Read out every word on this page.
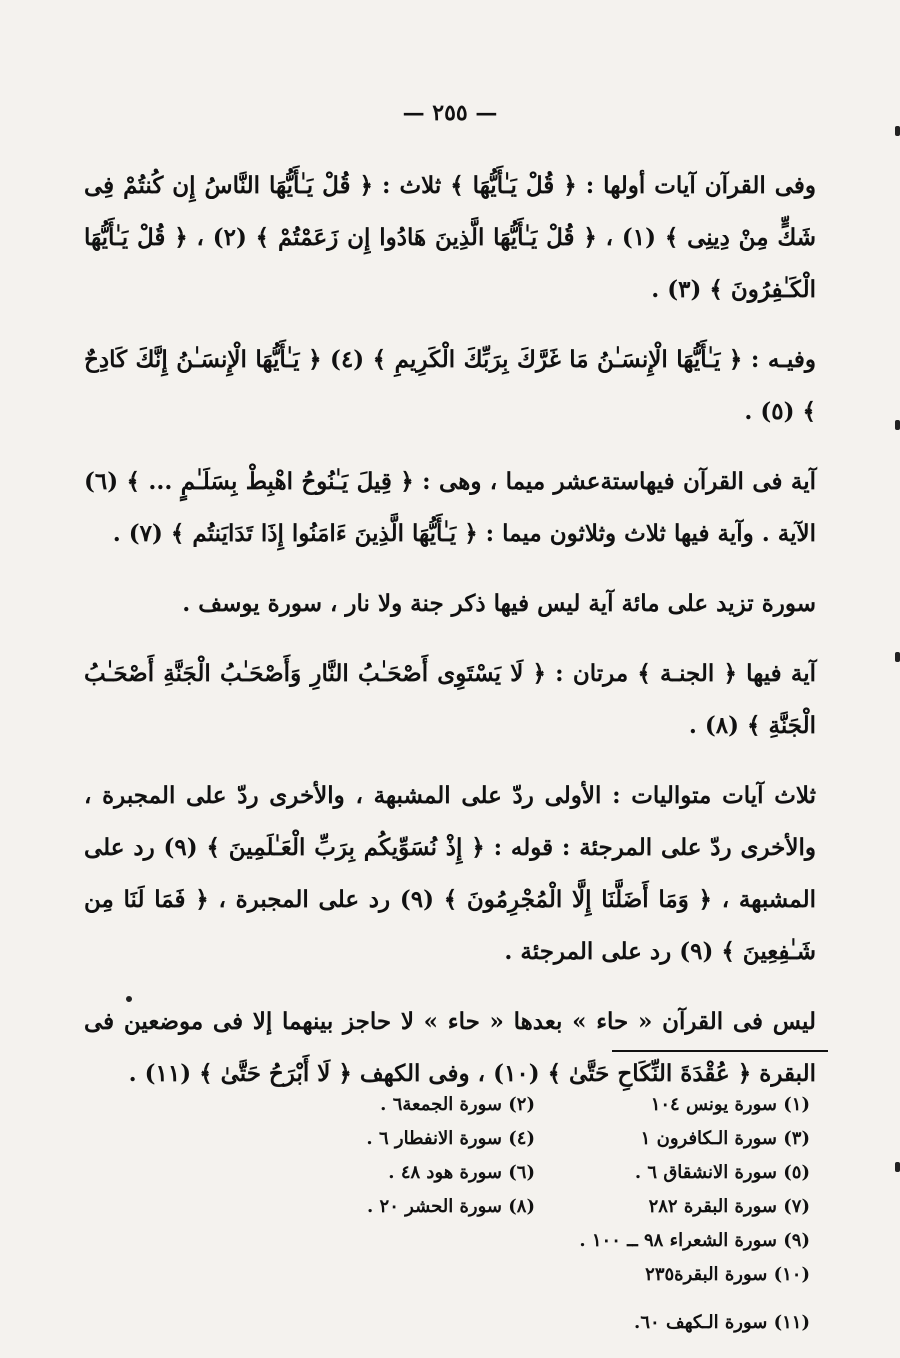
— ٢٥٥ —

وفى القرآن آيات أولها : ﴿ قُلْ يَـٰأَيُّهَا ﴾ ثلاث : ﴿ قُلْ يَـٰأَيُّهَا النَّاسُ إِن كُنتُمْ فِى شَكٍّ مِنْ دِينِى ﴾ (١) ، ﴿ قُلْ يَـٰأَيُّهَا الَّذِينَ هَادُوا إِن زَعَمْتُمْ ﴾ (٢) ، ﴿ قُلْ يَـٰأَيُّهَا الْكَـٰفِرُونَ ﴾ (٣) .

وفيـه : ﴿ يَـٰأَيُّهَا الْإِنسَـٰنُ مَا غَرَّكَ بِرَبِّكَ الْكَرِيمِ ﴾ (٤) ﴿ يَـٰأَيُّهَا الْإِنسَـٰنُ إِنَّكَ كَادِحٌ ﴾ (٥) .

آية فى القرآن فيهاستةعشر ميما ، وهى : ﴿ قِيلَ يَـٰنُوحُ اهْبِطْ بِسَلَـٰمٍ ... ﴾ (٦) الآية . وآية فيها ثلاث وثلاثون ميما : ﴿ يَـٰأَيُّهَا الَّذِينَ ءَامَنُوا إِذَا تَدَايَنتُم ﴾ (٧) .

سورة تزيد على مائة آية ليس فيها ذكر جنة ولا نار ، سورة يوسف .

آية فيها ﴿ الجنـة ﴾ مرتان : ﴿ لَا يَسْتَوِى أَصْحَـٰبُ النَّارِ وَأَصْحَـٰبُ الْجَنَّةِ أَصْحَـٰبُ الْجَنَّةِ ﴾ (٨) .

ثلاث آيات متواليات : الأولى ردّ على المشبهة ، والأخرى ردّ على المجبرة ، والأخرى ردّ على المرجئة : قوله : ﴿ إِذْ نُسَوِّيكُم بِرَبِّ الْعَـٰلَمِينَ ﴾ (٩) رد على المشبهة ، ﴿ وَمَا أَضَلَّنَا إِلَّا الْمُجْرِمُونَ ﴾ (٩) رد على المجبرة ، ﴿ فَمَا لَنَا مِن شَـٰفِعِينَ ﴾ (٩) رد على المرجئة .

ليس فى القرآن « حاء » بعدها « حاء » لا حاجز بينهما إلا فى موضعين فى البقرة ﴿ عُقْدَةَ النِّكَاحِ حَتَّىٰ ﴾ (١٠) ، وفى الكهف ﴿ لَا أَبْرَحُ حَتَّىٰ ﴾ (١١) .

(١) سورة يونس ١٠٤
(٢) سورة الجمعة٦ .
(٣) سورة الـكافرون ١
(٤) سورة الانفطار ٦ .
(٥) سورة الانشقاق ٦ .
(٦) سورة هود ٤٨ .
(٧) سورة البقرة ٢٨٢
(٨) سورة الحشر ٢٠ .
(٩) سورة الشعراء ٩٨ ــ ١٠٠ .
(١٠) سورة البقرة٢٣٥
(١١) سورة الـكهف ٦٠.
